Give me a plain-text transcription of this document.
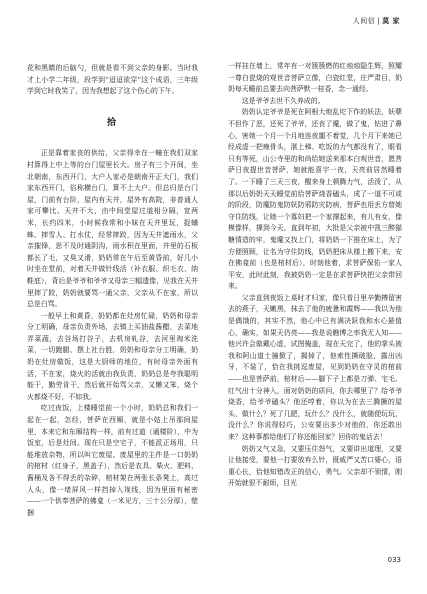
人间信 | 莫 家

花和黑睛的后脑勺，但就是看不到父亲的身影。当时我才上小学二年级，段学到“迢迢欲穿”这个成语，三年级学到它时我笑了，因为我想起了这个伤心的下午。

拾

正是靠着家丧的供给，父亲得幸在一幢在我们双家村算得上中上等的台门屋里长大。房子有三个开间，坐北朝南，东西开门，大户人家必是朝南开正大门，我们家东西开门，俗称横台门，算不上大户。但总归是台门屋，门前有台阶，屋内有天井，屋外有高院，非普通人家可攀比。天井不大，由中间堂屋过道相分隔，宽两米，长约四米，小时候我常和小妹在天井里玩，捉蛐蛛、摔雪人、打水仗，经常摔跤，因为天井遮雨水，父亲摧锋，思不及时通阴沟，雨水积在里面，井里的石板都长了毛，又臭又滑，奶奶常在午后至黄昏前，好几小时坐在堂前，对着天井做针线活（补衣服、织毛衣、纳鞋底），背后是爷爷和爷爷又母亲三幅遗像，见我在天井里摔了跤，奶奶就要骂一通父亲，父亲从不在家，所以总是白骂。

一般早上和黄昏，奶奶都在灶房忙碌，奶奶和母亲分工明确，母亲负责外场，去镇上买油盐酱醋，去菜地弄菜蔬，去谷场打谷子，去机房轧谷，去河里淘米洗菜，一切跑腿、摆上社台胜，奶奶和母亲分工明确，奶奶在灶房做饭，这是大厨师的地位，有时母亲外面有活，不在家，烧火的活就由我负责，奶奶总是夸我聪明能干，勤劳肯干，然后就开始骂父亲，又懒又笨，烧个火都烧不好，不如我。

吃过夜饭，上楼睡觉前一个小时，奶奶总和我们一起在一起，怎经，菩萨在西厢，就是小姑上吊那间屋里，本来它和东厢结构一样，前有过道（通楼阶），中为饭室，后是灶间。现在只是空宅子，不能派正场用，只能堆放杂物，所以叫它废屋。废屋里的主件是一口奶奶的棺材（红身子，黑盖子），然后是农具、柴火、肥料，酱桶及各不得丢的杂碎，棺材架在两张长条凳上，高过人头，像一堵屏风一样挡掉入视线，因为里面有秘密——一个供奉菩萨的佛龛（一米见方，三十公分厚），壁捆

一样挂在墙上，常年有一对簇簇燃的红烛烛隐生辉，照耀一尊白瓷烧的观世音菩萨立像，白瓷红堂，庄严肃目，奶奶每天睡前总要去向菩萨默一桂香，念一通经。

这是爷爷去世不久养成的。

奶奶认定爷爷是死在阿根大炮乱坨下作的妖法，妖孽不但作了恶，还死了爷爷，还丧了魔，做了鬼，钻进了鼻心，害她一个月一个月地连夜噩不着觉，几个月下来她已经成虚一把瘦骨头，湛上梯、吃饭的力气都没有了，眼看只有等死，山公寺里的和尚给她送来那本白观世音，愿菩萨日夜提世音菩萨，她就能喜宇一夜，天亮前居然睡着了。一下睡了三天三夜，醒来身上顿腾力气，活泼了，从那以后奶奶天天睡觉前给菩萨烧香磕头，成了一道不可或的阶段，防魔防鬼防妖防邪防灾防病，菩萨也用丢方替她守住防线，让她一个寡妇把一个家撑起来，有儿有女，像模像样，撑到今天，直到年初，大批是父亲被中凯三醉猫糖情造的牢，鬼魔又找上门，将奶奶一下推在床上，为了方便照顾，让名为守住防线，奶奶把床从楼上搬下来，安在佛龛前（也是棺材后），时刻他着，求菩萨保佑一家人平安，此时此刻，我被奶奶一定是在求菩萨快把父亲带回来。

父亲直到夜饭上桌时才归家，像只看日里辛勤搏留害去的燕子，天嫩黑，抹去了他的疲惫和霞辉——我以为他是偶饿的，其实不然，他心中已有满决跃我和水心悬值心，确实，如果天仍亮——我是说瞧博之率我无人知——他兴许会做戴心虚，试图掩盖，现在天完了，他的掌头被我和阿山道士撞掀了，揭掉了，他索性撕破脸，露出凶牙，不装了，恰在我挑逗废屋，见到奶奶在守灵的棺前——也是菩萨前，棺材后——脚下子上都是刀弹、宅毛、红气出十分神入，面对奶奶的质问，你去哪里了？给爷爷烧香，给爷爷磕头？他还哼着，你以为在去三腾撅的屋头，做什么？死了几肥，玩什么？没什么，就随便玩玩，没什么？你说得轻巧，公安要出多少对他的，你还敢出来？这种事都给他们了你还能回家？回你的鬼话去！

奶奶又气又急，又要压住怒气，又要讲出道理，又要让他接受，要他一打要放弃么针，既威严又苦口婆心，语重心长，恰他知错改正的信心，勇气。父亲却不领情，刚开始就很不耐烦，目光

033
